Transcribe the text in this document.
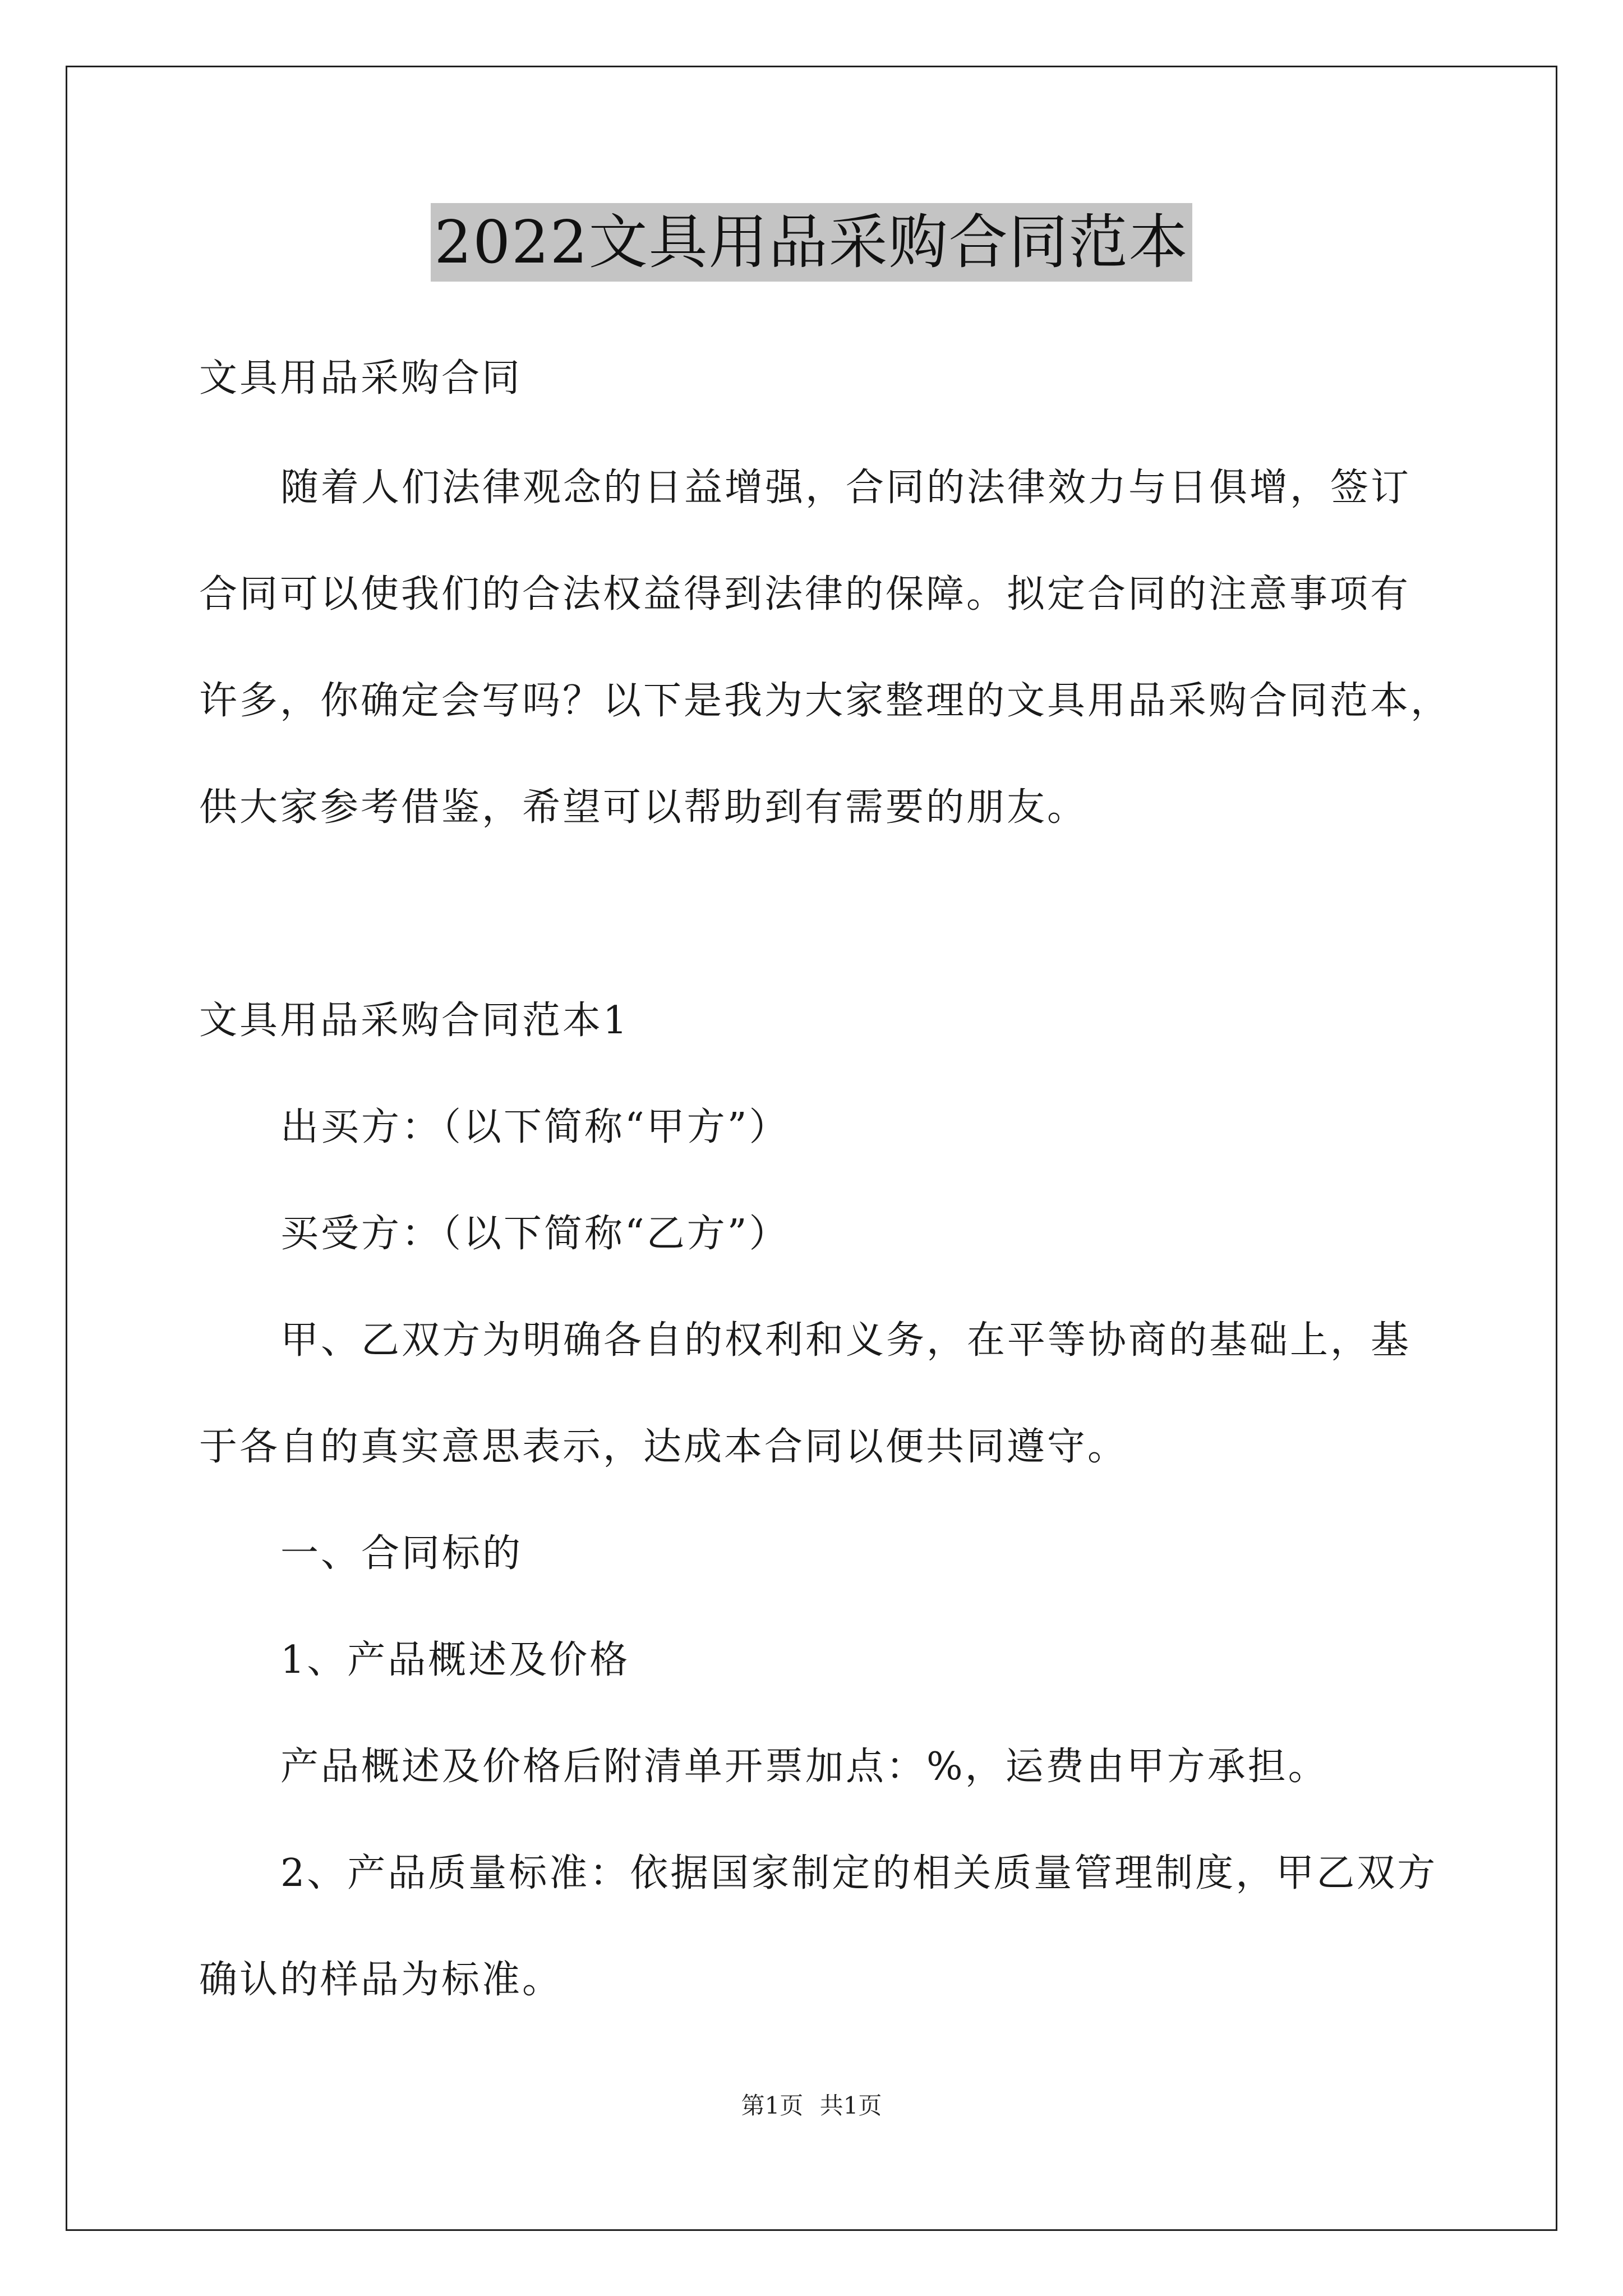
2022文具用品采购合同范本
文具用品采购合同
随着人们法律观念的日益增强，合同的法律效力与日俱增，签订
合同可以使我们的合法权益得到法律的保障。拟定合同的注意事项有
许多，你确定会写吗？以下是我为大家整理的文具用品采购合同范本，
供大家参考借鉴，希望可以帮助到有需要的朋友。
文具用品采购合同范本1
出买方：（以下简称“甲方”）
买受方：（以下简称“乙方”）
甲、乙双方为明确各自的权利和义务，在平等协商的基础上，基
于各自的真实意思表示，达成本合同以便共同遵守。
一、合同标的
1、产品概述及价格
产品概述及价格后附清单开票加点：%，运费由甲方承担。
2、产品质量标准：依据国家制定的相关质量管理制度，甲乙双方
确认的样品为标准。
第1页 共1页
